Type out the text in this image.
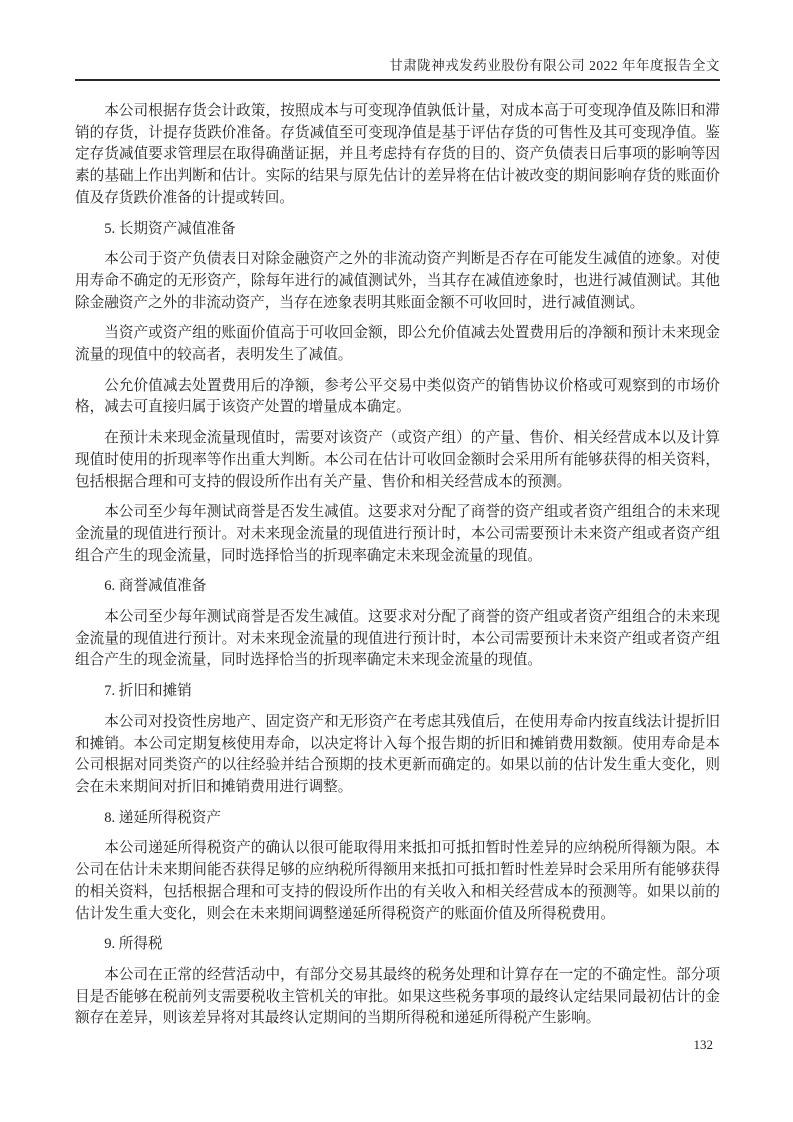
甘肃陇神戎发药业股份有限公司 2022 年年度报告全文

本公司根据存货会计政策，按照成本与可变现净值孰低计量，对成本高于可变现净值及陈旧和滞销的存货，计提存货跌价准备。存货减值至可变现净值是基于评估存货的可售性及其可变现净值。鉴定存货减值要求管理层在取得确凿证据，并且考虑持有存货的目的、资产负债表日后事项的影响等因素的基础上作出判断和估计。实际的结果与原先估计的差异将在估计被改变的期间影响存货的账面价值及存货跌价准备的计提或转回。

5. 长期资产减值准备

本公司于资产负债表日对除金融资产之外的非流动资产判断是否存在可能发生减值的迹象。对使用寿命不确定的无形资产，除每年进行的减值测试外，当其存在减值迹象时，也进行减值测试。其他除金融资产之外的非流动资产，当存在迹象表明其账面金额不可收回时，进行减值测试。

当资产或资产组的账面价值高于可收回金额，即公允价值减去处置费用后的净额和预计未来现金流量的现值中的较高者，表明发生了减值。

公允价值减去处置费用后的净额，参考公平交易中类似资产的销售协议价格或可观察到的市场价格，减去可直接归属于该资产处置的增量成本确定。

在预计未来现金流量现值时，需要对该资产（或资产组）的产量、售价、相关经营成本以及计算现值时使用的折现率等作出重大判断。本公司在估计可收回金额时会采用所有能够获得的相关资料，包括根据合理和可支持的假设所作出有关产量、售价和相关经营成本的预测。

本公司至少每年测试商誉是否发生减值。这要求对分配了商誉的资产组或者资产组组合的未来现金流量的现值进行预计。对未来现金流量的现值进行预计时，本公司需要预计未来资产组或者资产组组合产生的现金流量，同时选择恰当的折现率确定未来现金流量的现值。

6. 商誉减值准备

本公司至少每年测试商誉是否发生减值。这要求对分配了商誉的资产组或者资产组组合的未来现金流量的现值进行预计。对未来现金流量的现值进行预计时，本公司需要预计未来资产组或者资产组组合产生的现金流量，同时选择恰当的折现率确定未来现金流量的现值。

7. 折旧和摊销

本公司对投资性房地产、固定资产和无形资产在考虑其残值后，在使用寿命内按直线法计提折旧和摊销。本公司定期复核使用寿命，以决定将计入每个报告期的折旧和摊销费用数额。使用寿命是本公司根据对同类资产的以往经验并结合预期的技术更新而确定的。如果以前的估计发生重大变化，则会在未来期间对折旧和摊销费用进行调整。

8. 递延所得税资产

本公司递延所得税资产的确认以很可能取得用来抵扣可抵扣暂时性差异的应纳税所得额为限。本公司在估计未来期间能否获得足够的应纳税所得额用来抵扣可抵扣暂时性差异时会采用所有能够获得的相关资料，包括根据合理和可支持的假设所作出的有关收入和相关经营成本的预测等。如果以前的估计发生重大变化，则会在未来期间调整递延所得税资产的账面价值及所得税费用。

9. 所得税

本公司在正常的经营活动中，有部分交易其最终的税务处理和计算存在一定的不确定性。部分项目是否能够在税前列支需要税收主管机关的审批。如果这些税务事项的最终认定结果同最初估计的金额存在差异，则该差异将对其最终认定期间的当期所得税和递延所得税产生影响。

132
